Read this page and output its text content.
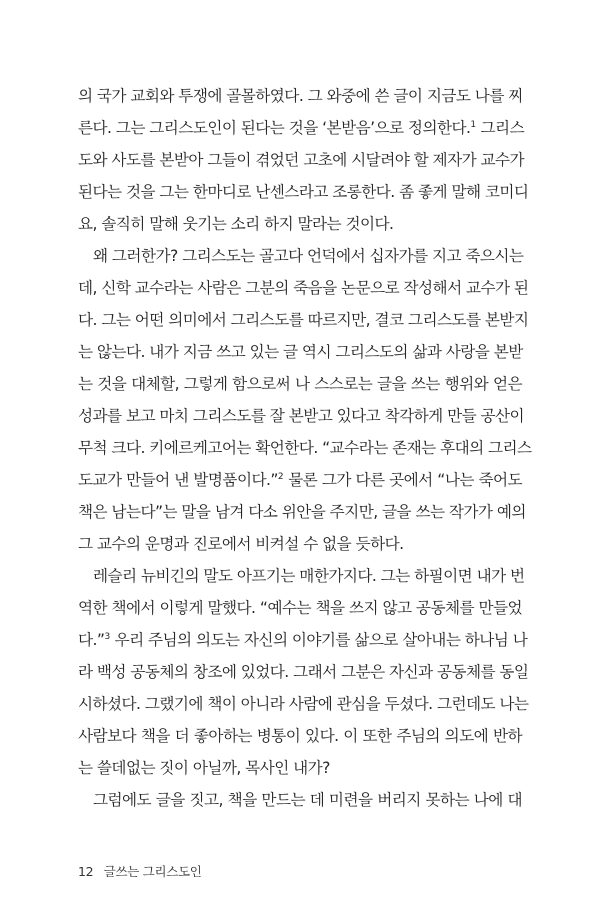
의 국가 교회와 투쟁에 골몰하였다. 그 와중에 쓴 글이 지금도 나를 찌
른다. 그는 그리스도인이 된다는 것을 ‘본받음’으로 정의한다.$^1$ 그리스
도와 사도를 본받아 그들이 겪었던 고초에 시달려야 할 제자가 교수가
된다는 것을 그는 한마디로 난센스라고 조롱한다. 좀 좋게 말해 코미디
요, 솔직히 말해 웃기는 소리 하지 말라는 것이다.
왜 그러한가? 그리스도는 골고다 언덕에서 십자가를 지고 죽으시는
데, 신학 교수라는 사람은 그분의 죽음을 논문으로 작성해서 교수가 된
다. 그는 어떤 의미에서 그리스도를 따르지만, 결코 그리스도를 본받지
는 않는다. 내가 지금 쓰고 있는 글 역시 그리스도의 삶과 사랑을 본받
는 것을 대체할, 그렇게 함으로써 나 스스로는 글을 쓰는 행위와 얻은
성과를 보고 마치 그리스도를 잘 본받고 있다고 착각하게 만들 공산이
무척 크다. 키에르케고어는 확언한다. “교수라는 존재는 후대의 그리스
도교가 만들어 낸 발명품이다.”$^2$ 물론 그가 다른 곳에서 “나는 죽어도
책은 남는다”는 말을 남겨 다소 위안을 주지만, 글을 쓰는 작가가 예의
그 교수의 운명과 진로에서 비켜설 수 없을 듯하다.
레슬리 뉴비긴의 말도 아프기는 매한가지다. 그는 하필이면 내가 번
역한 책에서 이렇게 말했다. “예수는 책을 쓰지 않고 공동체를 만들었
다.”$^3$ 우리 주님의 의도는 자신의 이야기를 삶으로 살아내는 하나님 나
라 백성 공동체의 창조에 있었다. 그래서 그분은 자신과 공동체를 동일
시하셨다. 그랬기에 책이 아니라 사람에 관심을 두셨다. 그런데도 나는
사람보다 책을 더 좋아하는 병통이 있다. 이 또한 주님의 의도에 반하
는 쓸데없는 짓이 아닐까, 목사인 내가?
그럼에도 글을 짓고, 책을 만드는 데 미련을 버리지 못하는 나에 대
12 글쓰는 그리스도인
